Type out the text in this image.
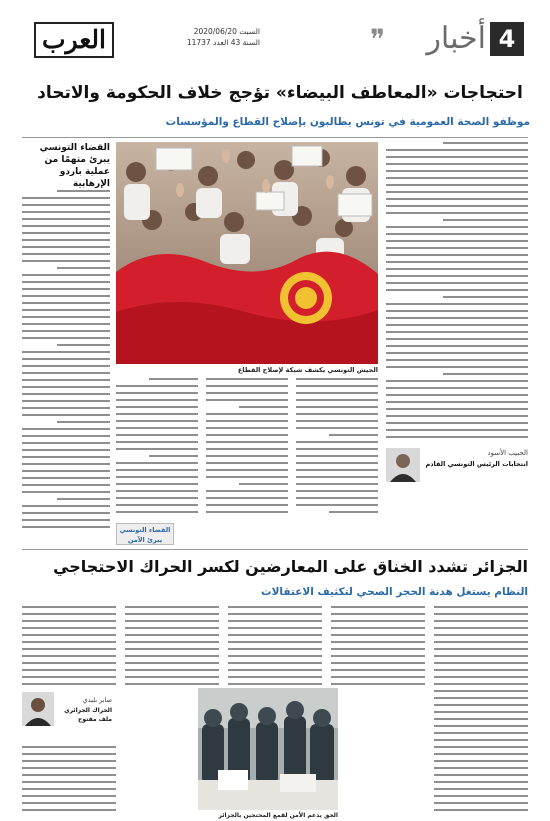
العرب	السبت 2020/06/20
السنة 43 العدد 11737	❞	أخبار 4
احتجاجات «المعاطف البيضاء» تؤجج خلاف الحكومة والاتحاد
موظفو الصحة العمومية في تونس يطالبون بإصلاح القطاع والمؤسسات
القضاء التونسي يبرئ متهمًا من عملية باردو الإرهابية
الجيش التونسي يكشف شبكة لإصلاح القطاع
الحبيب الأسود
انتخابات الرئيس التونسي القادم
القضاء التونسي يبرئ الآمن
الجزائر تشدد الخناق على المعارضين لكسر الحراك الاحتجاجي
النظام يستغل هدنة الحجر الصحي لتكثيف الاعتقالات
الحق يدعم الأمن لقمع المحتجين بالجزائر
صابر بليدي
الحراك الجزائري ملف مفتوح
